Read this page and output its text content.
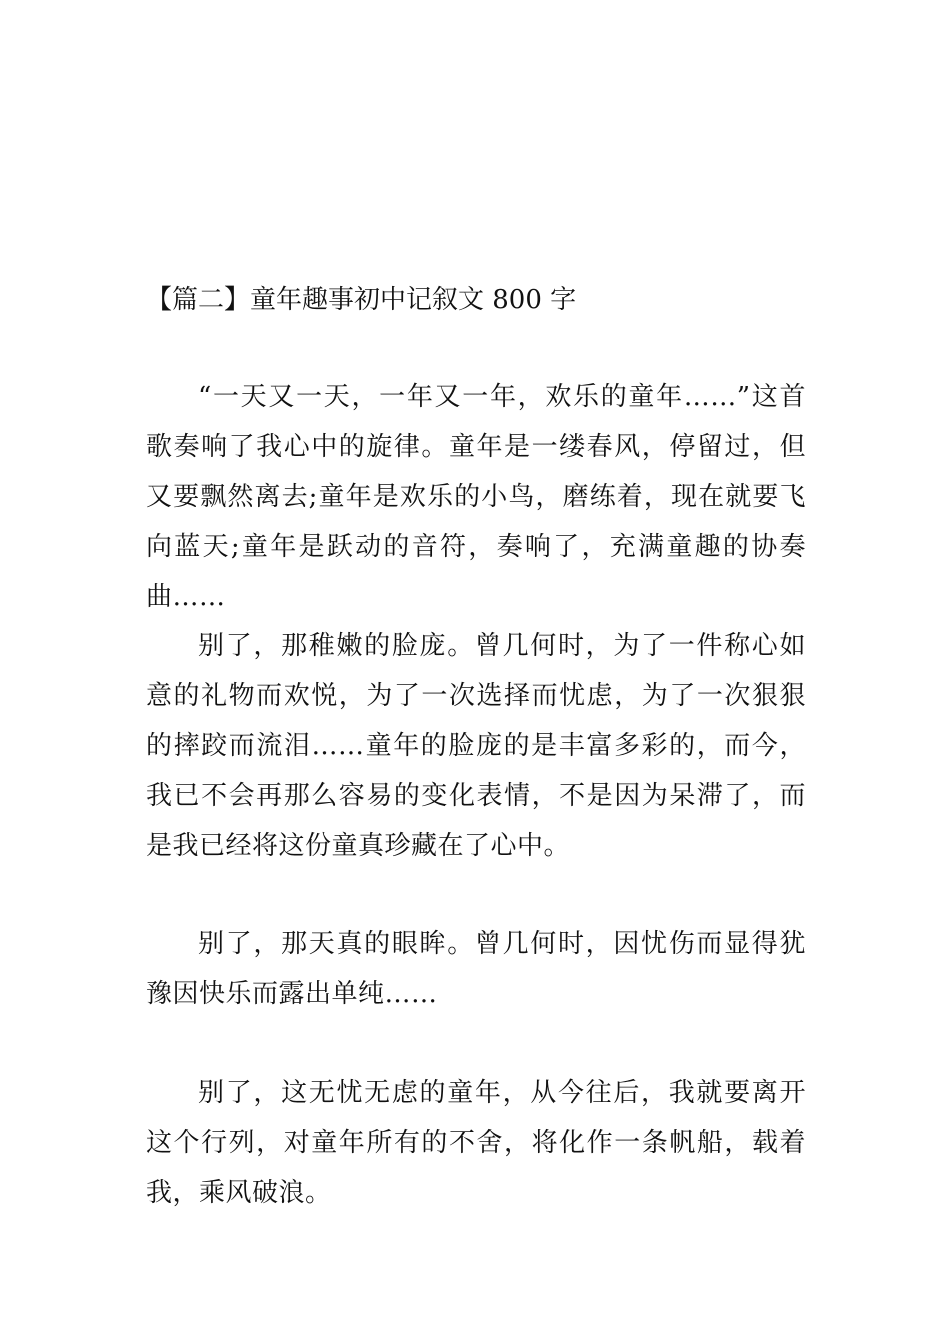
【篇二】童年趣事初中记叙文 800 字

“一天又一天，一年又一年，欢乐的童年……”这首歌奏响了我心中的旋律。童年是一缕春风，停留过，但又要飘然离去;童年是欢乐的小鸟，磨练着，现在就要飞向蓝天;童年是跃动的音符，奏响了，充满童趣的协奏曲……

别了，那稚嫩的脸庞。曾几何时，为了一件称心如意的礼物而欢悦，为了一次选择而忧虑，为了一次狠狠的摔跤而流泪……童年的脸庞的是丰富多彩的，而今，我已不会再那么容易的变化表情，不是因为呆滞了，而是我已经将这份童真珍藏在了心中。

别了，那天真的眼眸。曾几何时，因忧伤而显得犹豫因快乐而露出单纯……

别了，这无忧无虑的童年，从今往后，我就要离开这个行列，对童年所有的不舍，将化作一条帆船，载着我，乘风破浪。
